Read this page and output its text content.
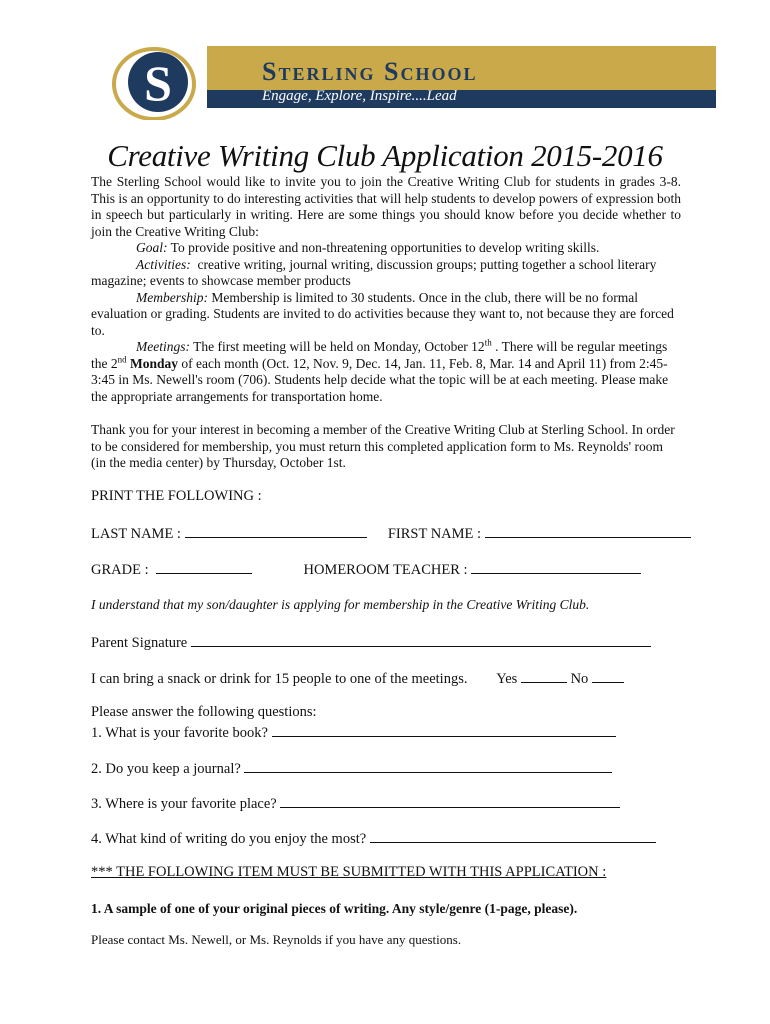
S	Sterling School
Engage, Explore, Inspire....Lead
Creative Writing Club Application 2015-2016
The Sterling School would like to invite you to join the Creative Writing Club for students in grades 3-8. This is an opportunity to do interesting activities that will help students to develop powers of expression both in speech but particularly in writing. Here are some things you should know before you decide whether to join the Creative Writing Club:
Goal: To provide positive and non-threatening opportunities to develop writing skills.
Activities: creative writing, journal writing, discussion groups; putting together a school literary magazine; events to showcase member products
Membership: Membership is limited to 30 students. Once in the club, there will be no formal evaluation or grading. Students are invited to do activities because they want to, not because they are forced to.
Meetings: The first meeting will be held on Monday, October 12th . There will be regular meetings the 2nd Monday of each month (Oct. 12, Nov. 9, Dec. 14, Jan. 11, Feb. 8, Mar. 14 and April 11) from 2:45-3:45 in Ms. Newell's room (706). Students help decide what the topic will be at each meeting. Please make the appropriate arrangements for transportation home.
Thank you for your interest in becoming a member of the Creative Writing Club at Sterling School. In order to be considered for membership, you must return this completed application form to Ms. Reynolds' room (in the media center) by Thursday, October 1st.
PRINT THE FOLLOWING :
LAST NAME :	FIRST NAME :
GRADE :	HOMEROOM TEACHER :
I understand that my son/daughter is applying for membership in the Creative Writing Club.
Parent Signature
I can bring a snack or drink for 15 people to one of the meetings. Yes	No
Please answer the following questions:
1. What is your favorite book?
2. Do you keep a journal?
3. Where is your favorite place?
4. What kind of writing do you enjoy the most?
*** THE FOLLOWING ITEM MUST BE SUBMITTED WITH THIS APPLICATION :
1. A sample of one of your original pieces of writing. Any style/genre (1-page, please).
Please contact Ms. Newell, or Ms. Reynolds if you have any questions.
